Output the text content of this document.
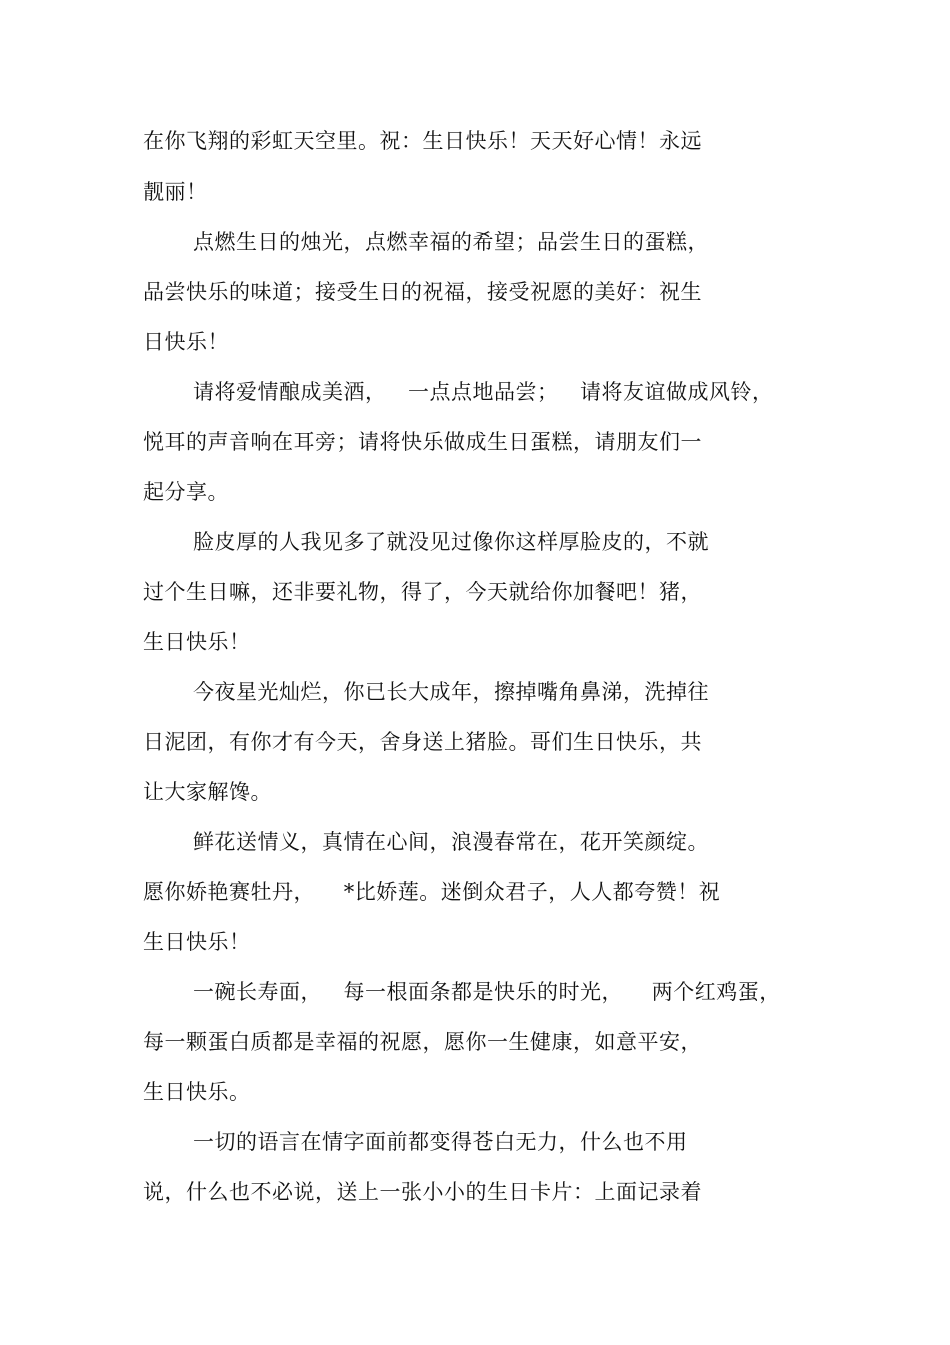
在你飞翔的彩虹天空里。祝：生日快乐！天天好心情！永远
靓丽！
点燃生日的烛光，点燃幸福的希望；品尝生日的蛋糕，
品尝快乐的味道；接受生日的祝福，接受祝愿的美好：祝生
日快乐！
请将爱情酿成美酒，   一点点地品尝；   请将友谊做成风铃，
悦耳的声音响在耳旁；请将快乐做成生日蛋糕，请朋友们一
起分享。
脸皮厚的人我见多了就没见过像你这样厚脸皮的，不就
过个生日嘛，还非要礼物，得了，今天就给你加餐吧！猪，
生日快乐！
今夜星光灿烂，你已长大成年，擦掉嘴角鼻涕，洗掉往
日泥团，有你才有今天，舍身送上猪脸。哥们生日快乐，共
让大家解馋。
鲜花送情义，真情在心间，浪漫春常在，花开笑颜绽。
愿你娇艳赛牡丹，    *比娇莲。迷倒众君子，人人都夸赞！祝
生日快乐！
一碗长寿面，   每一根面条都是快乐的时光，    两个红鸡蛋，
每一颗蛋白质都是幸福的祝愿，愿你一生健康，如意平安，
生日快乐。
一切的语言在情字面前都变得苍白无力，什么也不用
说，什么也不必说，送上一张小小的生日卡片：上面记录着
